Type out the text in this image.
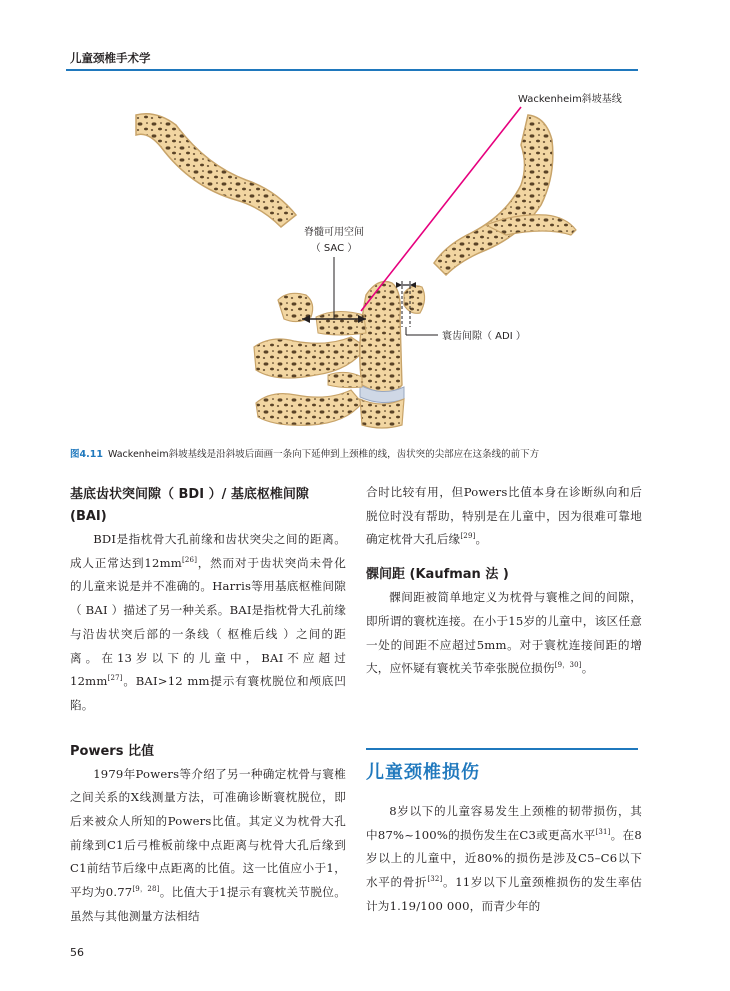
儿童颈椎手术学
Wackenheim斜坡基线
脊髓可用空间
（ SAC ）
寰齿间隙（ ADI ）
图4.11 Wackenheim斜坡基线是沿斜坡后面画一条向下延伸到上颈椎的线，齿状突的尖部应在这条线的前下方

基底齿状突间隙（ BDI ）/ 基底枢椎间隙

(BAI)

BDI是指枕骨大孔前缘和齿状突尖之间的距离。成人正常达到12mm[26]，然而对于齿状突尚未骨化的儿童来说是并不准确的。Harris等用基底枢椎间隙（ BAI ）描述了另一种关系。BAI是指枕骨大孔前缘与沿齿状突后部的一条线（ 枢椎后线 ）之间的距离。在13岁以下的儿童中，BAI不应超过12mm[27]。BAI>12 mm提示有寰枕脱位和颅底凹陷。

Powers 比值

1979年Powers等介绍了另一种确定枕骨与寰椎之间关系的X线测量方法，可准确诊断寰枕脱位，即后来被众人所知的Powers比值。其定义为枕骨大孔前缘到C1后弓椎板前缘中点距离与枕骨大孔后缘到C1前结节后缘中点距离的比值。这一比值应小于1，平均为0.77[9，28]。比值大于1提示有寰枕关节脱位。虽然与其他测量方法相结

合时比较有用，但Powers比值本身在诊断纵向和后脱位时没有帮助，特别是在儿童中，因为很难可靠地确定枕骨大孔后缘[29]。

髁间距 (Kaufman 法 )

髁间距被简单地定义为枕骨与寰椎之间的间隙，即所谓的寰枕连接。在小于15岁的儿童中，该区任意一处的间距不应超过5mm。对于寰枕连接间距的增大，应怀疑有寰枕关节牵张脱位损伤[9，30]。

儿童颈椎损伤

8岁以下的儿童容易发生上颈椎的韧带损伤，其中87%~100%的损伤发生在C3或更高水平[31]。在8岁以上的儿童中，近80%的损伤是涉及C5–C6以下水平的骨折[32]。11岁以下儿童颈椎损伤的发生率估计为1.19/100 000，而青少年的

56
